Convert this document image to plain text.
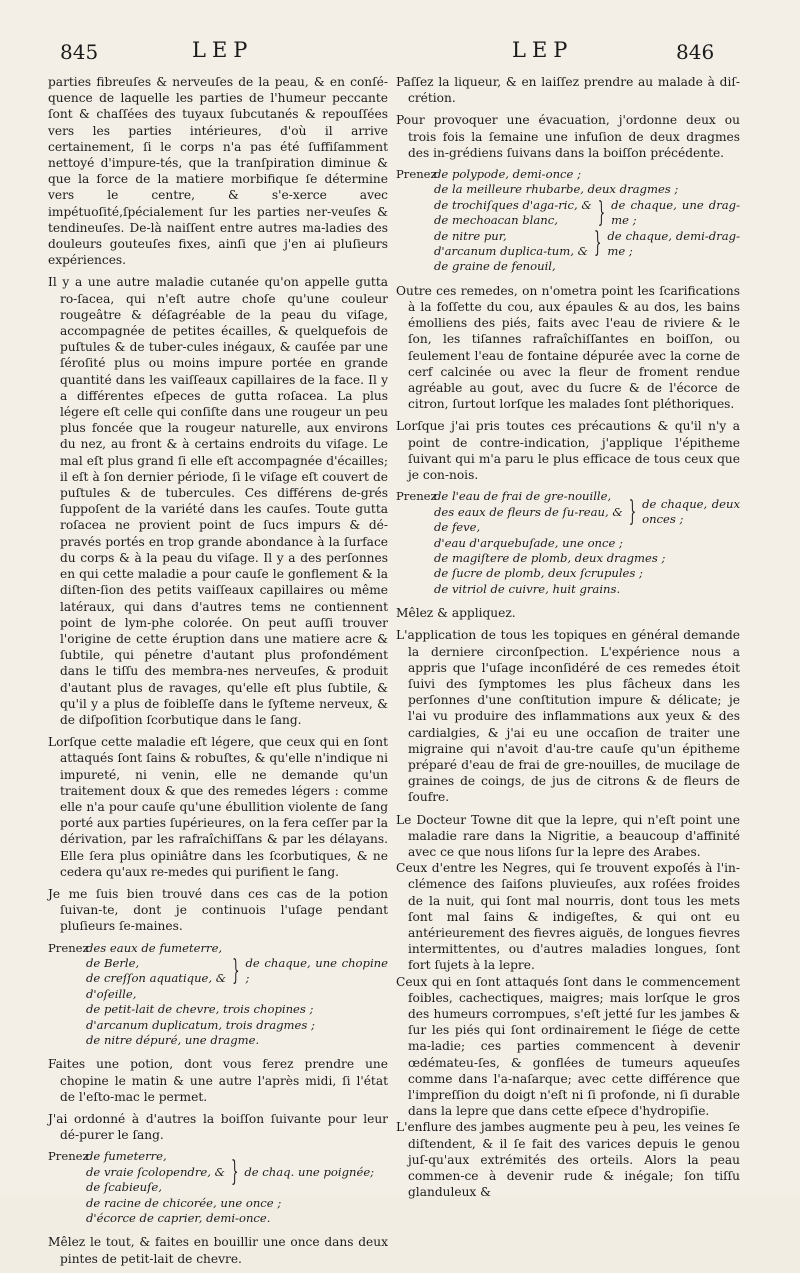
845	LEP	LEP	846

parties fibreuſes & nerveuſes de la peau, & en conſé-quence de laquelle les parties de l'humeur peccante ſont & chaſſées des tuyaux ſubcutanés & repouſſées vers les parties intérieures, d'où il arrive certainement, ſi le corps n'a pas été ſuffiſamment nettoyé d'impure-tés, que la tranſpiration diminue & que la force de la matiere morbifique ſe détermine vers le centre, & s'e-xerce avec impétuoſité,ſpécialement ſur les parties ner-veuſes & tendineuſes. De-là naiſſent entre autres ma-ladies des douleurs gouteuſes fixes, ainſi que j'en ai pluſieurs expériences.

Il y a une autre maladie cutanée qu'on appelle gutta ro-ſacea, qui n'eſt autre choſe qu'une couleur rougeâtre & déſagréable de la peau du viſage, accompagnée de petites écailles, & quelquefois de puſtules & de tuber-cules inégaux, & cauſée par une ſéroſité plus ou moins impure portée en grande quantité dans les vaiſſeaux capillaires de la face. Il y a différentes eſpeces de gutta roſacea. La plus légere eſt celle qui conſiſte dans une rougeur un peu plus foncée que la rougeur naturelle, aux environs du nez, au front & à certains endroits du viſage. Le mal eſt plus grand ſi elle eſt accompagnée d'écailles; il eſt à ſon dernier période, ſi le viſage eſt couvert de puſtules & de tubercules. Ces différens de-grés ſuppoſent de la variété dans les cauſes. Toute gutta roſacea ne provient point de ſucs impurs & dé-pravés portés en trop grande abondance à la ſurface du corps & à la peau du viſage. Il y a des perſonnes en qui cette maladie a pour cauſe le gonflement & la diſten-ſion des petits vaiſſeaux capillaires ou même latéraux, qui dans d'autres tems ne contiennent point de lym-phe colorée. On peut auſſi trouver l'origine de cette éruption dans une matiere acre & ſubtile, qui pénetre d'autant plus profondément dans le tiſſu des membra-nes nerveuſes, & produit d'autant plus de ravages, qu'elle eſt plus ſubtile, & qu'il y a plus de foibleſſe dans le ſyſteme nerveux, & de diſpoſition ſcorbutique dans le ſang.

Lorſque cette maladie eſt légere, que ceux qui en ſont attaqués ſont ſains & robuſtes, & qu'elle n'indique ni impureté, ni venin, elle ne demande qu'un traitement doux & que des remedes légers : comme elle n'a pour cauſe qu'une ébullition violente de ſang porté aux parties ſupérieures, on la fera ceſſer par la dérivation, par les rafraîchiſſans & par les délayans. Elle ſera plus opiniâtre dans les ſcorbutiques, & ne cedera qu'aux re-medes qui purifient le ſang.

Je me ſuis bien trouvé dans ces cas de la potion ſuivan-te, dont je continuois l'uſage pendant pluſieurs ſe-maines.

Prenez
des eaux de fumeterre,
de Berle,
de creſſon aquatique, &
d'oſeille,
} de chaque, une chopine ;
de petit-lait de chevre, trois chopines ;
d'arcanum duplicatum, trois dragmes ;
de nitre dépuré, une dragme.

Faites une potion, dont vous ferez prendre une chopine le matin & une autre l'après midi, ſi l'état de l'eſto-mac le permet.

J'ai ordonné à d'autres la boiſſon ſuivante pour leur dé-purer le ſang.

Prenez
de fumeterre,
de vraie ſcolopendre, &
de ſcabieuſe,	} de chaq. une poignée;
de racine de chicorée, une once ;
d'écorce de caprier, demi-once.

Mêlez le tout, & faites en bouillir une once dans deux pintes de petit-lait de chevre.

Paſſez la liqueur, & en laiſſez prendre au malade à diſ-crétion.

Pour provoquer une évacuation, j'ordonne deux ou trois fois la ſemaine une infuſion de deux dragmes des in-grédiens ſuivans dans la boiſſon précédente.

Prenez
de polypode, demi-once ;
de la meilleure rhubarbe, deux dragmes ;
de trochiſques d'aga-ric, &
de mechoacan blanc,	} de chaque, une drag-me ;
de nitre pur,
d'arcanum duplica-tum, & } de chaque, demi-drag-me ;
de graine de fenouil,

Outre ces remedes, on n'ometra point les ſcarifications à la foſſette du cou, aux épaules & au dos, les bains émolliens des piés, faits avec l'eau de riviere & le ſon, les tiſannes rafraîchiſſantes en boiſſon, ou ſeulement l'eau de fontaine dépurée avec la corne de cerf calcinée ou avec la fleur de froment rendue agréable au gout, avec du ſucre & de l'écorce de citron, ſurtout lorſque les malades ſont pléthoriques.

Lorſque j'ai pris toutes ces précautions & qu'il n'y a point de contre-indication, j'applique l'épitheme ſuivant qui m'a paru le plus efficace de tous ceux que je con-nois.

Prenez
de l'eau de frai de gre-nouille,
des eaux de fleurs de ſu-reau, &
de feve,	} de chaque, deux onces ;
d'eau d'arquebuſade, une once ;
de magiſtere de plomb, deux dragmes ;
de ſucre de plomb, deux ſcrupules ;
de vitriol de cuivre, huit grains.

Mêlez & appliquez.

L'application de tous les topiques en général demande la derniere circonſpection. L'expérience nous a appris que l'uſage inconſidéré de ces remedes étoit ſuivi des ſymptomes les plus fâcheux dans les perſonnes d'une conſtitution impure & délicate; je l'ai vu produire des inflammations aux yeux & des cardialgies, & j'ai eu une occaſion de traiter une migraine qui n'avoit d'au-tre cauſe qu'un épitheme préparé d'eau de frai de gre-nouilles, de mucilage de graines de coings, de jus de citrons & de fleurs de ſoufre.

Le Docteur Towne dit que la lepre, qui n'eſt point une maladie rare dans la Nigritie, a beaucoup d'affinité avec ce que nous liſons ſur la lepre des Arabes.

Ceux d'entre les Negres, qui ſe trouvent expoſés à l'in-clémence des ſaiſons pluvieuſes, aux roſées froides de la nuit, qui ſont mal nourris, dont tous les mets ſont mal ſains & indigeſtes, & qui ont eu antérieurement des fievres aiguës, de longues fievres intermittentes, ou d'autres maladies longues, ſont fort ſujets à la lepre.

Ceux qui en ſont attaqués ſont dans le commencement foibles, cachectiques, maigres; mais lorſque le gros des humeurs corrompues, s'eſt jetté ſur les jambes & ſur les piés qui ſont ordinairement le ſiége de cette ma-ladie; ces parties commencent à devenir œdémateu-ſes, & gonflées de tumeurs aqueuſes comme dans l'a-naſarque; avec cette différence que l'impreſſion du doigt n'eſt ni ſi profonde, ni ſi durable dans la lepre que dans cette eſpece d'hydropiſie.

L'enflure des jambes augmente peu à peu, les veines ſe diſtendent, & il ſe fait des varices depuis le genou juſ-qu'aux extrémités des orteils. Alors la peau commen-ce à devenir rude & inégale; ſon tiſſu glanduleux &
